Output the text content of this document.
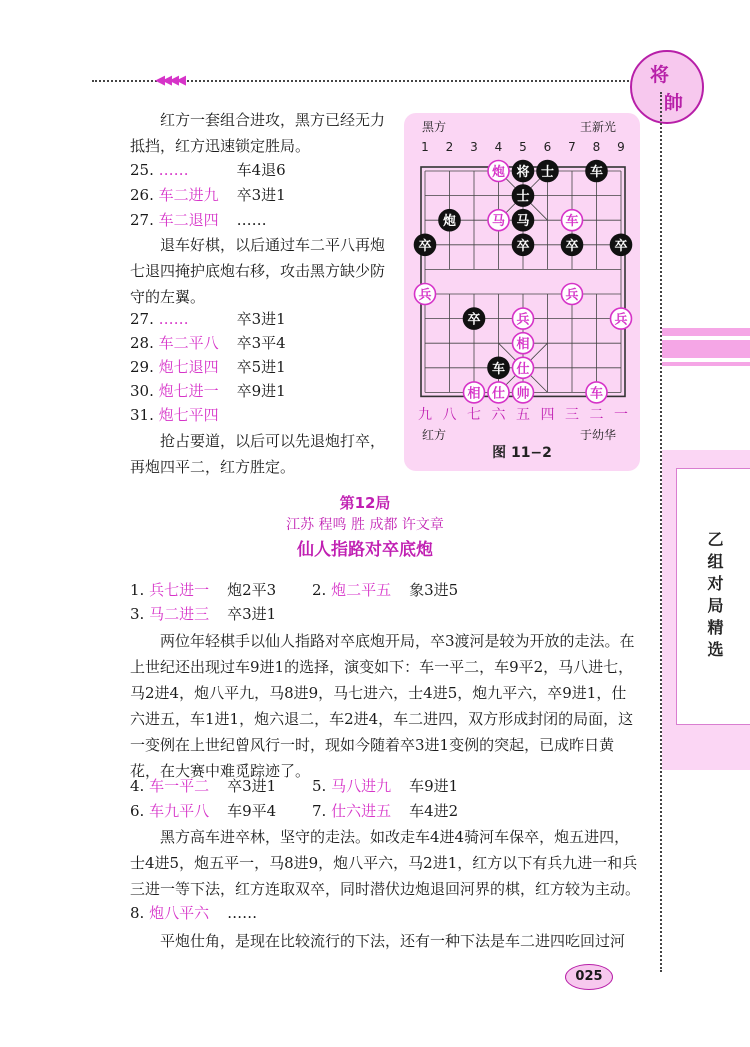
◀◀◀◀	将
帥
乙组对局精选
红方一套组合进攻，黑方已经无力抵挡，红方迅速锁定胜局。
25. ……	车4退6
26. 车二进九 卒3进1
27. 车二退四 ……
退车好棋，以后通过车二平八再炮七退四掩护底炮右移，攻击黑方缺少防守的左翼。
27. ……	卒3进1
28. 车二平八 卒3平4
29. 炮七退四 卒5进1
30. 炮七进一 卒9进1
31. 炮七平四
抢占要道，以后可以先退炮打卒，再炮四平二，红方胜定。
黑方	王新光
红方	于幼华
图 11−2
1 2 3 4 5 6 7 8 9
九 八 七 六 五 四 三 二 一
炮 将 士	车
士
炮	马 马	车
卒	卒	卒	卒
兵	兵
卒	兵	兵
相
仕
车
相 仕 帅	车
第12局
江苏 程鸣 胜 成都 许文章
仙人指路对卒底炮
1. 兵七进一 炮2平3 2. 炮二平五 象3进5
3. 马二进三 卒3进1
两位年轻棋手以仙人指路对卒底炮开局，卒3渡河是较为开放的走法。在上世纪还出现过车9进1的选择，演变如下：车一平二，车9平2，马八进七，马2进4，炮八平九，马8进9，马七进六，士4进5，炮九平六，卒9进1，仕六进五，车1进1，炮六退二，车2进4，车二进四，双方形成封闭的局面，这一变例在上世纪曾风行一时，现如今随着卒3进1变例的突起，已成昨日黄花，在大赛中难觅踪迹了。
4. 车一平二 卒3进1 5. 马八进九 车9进1
6. 车九平八 车9平4 7. 仕六进五 车4进2
黑方高车进卒林，坚守的走法。如改走车4进4骑河车保卒，炮五进四，士4进5，炮五平一，马8进9，炮八平六，马2进1，红方以下有兵九进一和兵三进一等下法，红方连取双卒，同时潜伏边炮退回河界的棋，红方较为主动。
8. 炮八平六 ……
平炮仕角，是现在比较流行的下法，还有一种下法是车二进四吃回过河
025
